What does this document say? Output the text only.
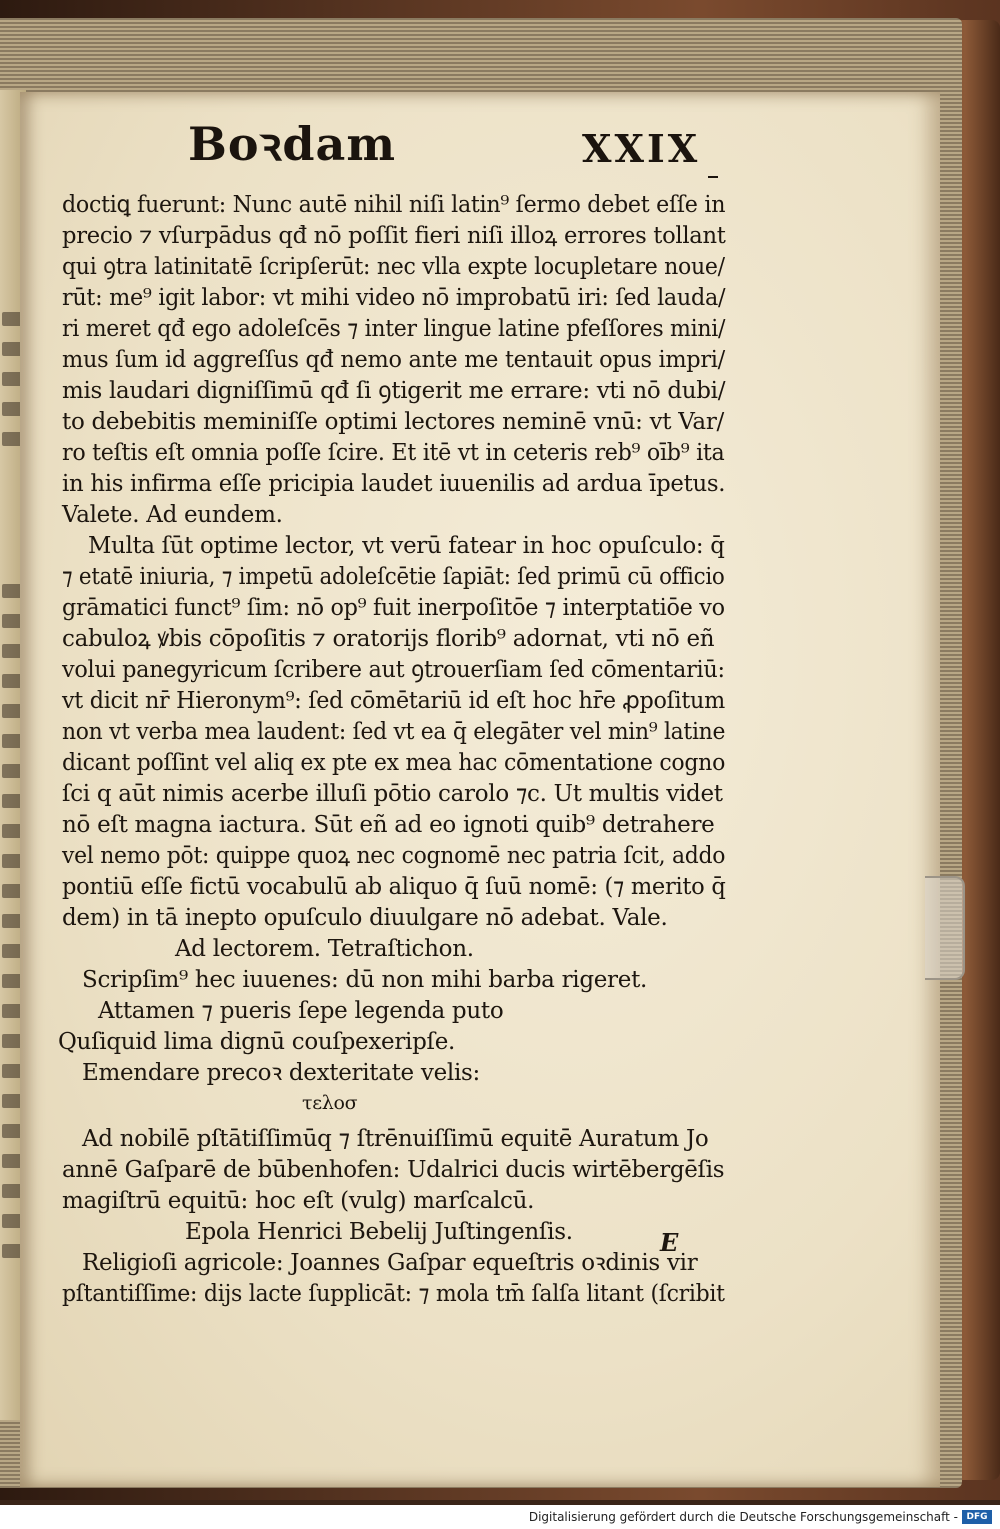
Boꝛdam	XXIX
doctiꝗ fuerunt: Nunc autē nihil niſi latin⁹ ſermo debet eſſe in
precio ⁊ vſurpādus qđ nō poſſit fieri niſi illoꝝ errores tollant
qui ꝯtra latinitatē ſcripſerūt: nec vlla expte locupletare noue/
rūt: me⁹ igit labor: vt mihi video nō improbatū iri: ſed lauda/
ri meret qđ ego adoleſcēs ⁊ inter lingue latine pfeſſores mini/
mus ſum id aggreſſus qđ nemo ante me tentauit opus impri/
mis laudari digniſſimū qđ ſi ꝯtigerit me errare: vti nō dubi/
to debebitis meminiſſe optimi lectores neminē vnū: vt Var/
ro teſtis eſt omnia poſſe ſcire. Et itē vt in ceteris reb⁹ oīb⁹ ita
in his infirma eſſe pricipia laudet iuuenilis ad ardua īpetus.
Valete. Ad eundem.
Multa ſūt optime lector, vt verū fatear in hoc opuſculo: q̄
⁊ etatē iniuria, ⁊ impetū adoleſcētie ſapiāt: ſed primū cū officio
grāmatici funct⁹ ſim: nō op⁹ fuit inerpoſitōe ⁊ interptatiōe vo
cabuloꝝ ꝟbis cōpoſitis ⁊ oratorijs florib⁹ adornat, vti nō eñ
volui panegyricum ſcribere aut ꝯtrouerſiam ſed cōmentariū:
vt dicit nr̄ Hieronym⁹: ſed cōmētariū id eſt hoc hr̄e ꝓpoſitum
non vt verba mea laudent: ſed vt ea q̄ elegāter vel min⁹ latine
dicant poſſint vel aliq ex pte ex mea hac cōmentatione cogno
ſci q aūt nimis acerbe illuſi pōtio carolo ⁊c. Ut multis videt
nō eſt magna iactura. Sūt eñ ad eo ignoti quib⁹ detrahere
vel nemo pōt: quippe quoꝝ nec cognomē nec patria ſcit, addo
pontiū eſſe fictū vocabulū ab aliquo q̄ ſuū nomē: (⁊ merito q̄
dem) in tā inepto opuſculo diuulgare nō adebat. Vale.
Ad lectorem. Tetraſtichon.
Scripſim⁹ hec iuuenes: dū non mihi barba rigeret.
Attamen ⁊ pueris ſepe legenda puto
Quſiquid lima dignū couſpexeripſe.
Emendare precoꝛ dexteritate velis:
τελοσ
Ad nobilē pſtātiſſimūq ⁊ ſtrēnuiſſimū equitē Auratum Jo
annē Gaſparē de būbenhofen: Udalrici ducis wirtēbergēſis
magiſtrū equitū: hoc eſt (vulg) marſcalcū.
Epola Henrici Bebelij Juſtingenſis.
Religioſi agricole: Joannes Gaſpar equeſtris oꝛdinis vir
pſtantiſſime: dijs lacte ſupplicāt: ⁊ mola tm̄ ſalſa litant (ſcribit
E
Digitalisierung gefördert durch die Deutsche Forschungsgemeinschaft - DFG
